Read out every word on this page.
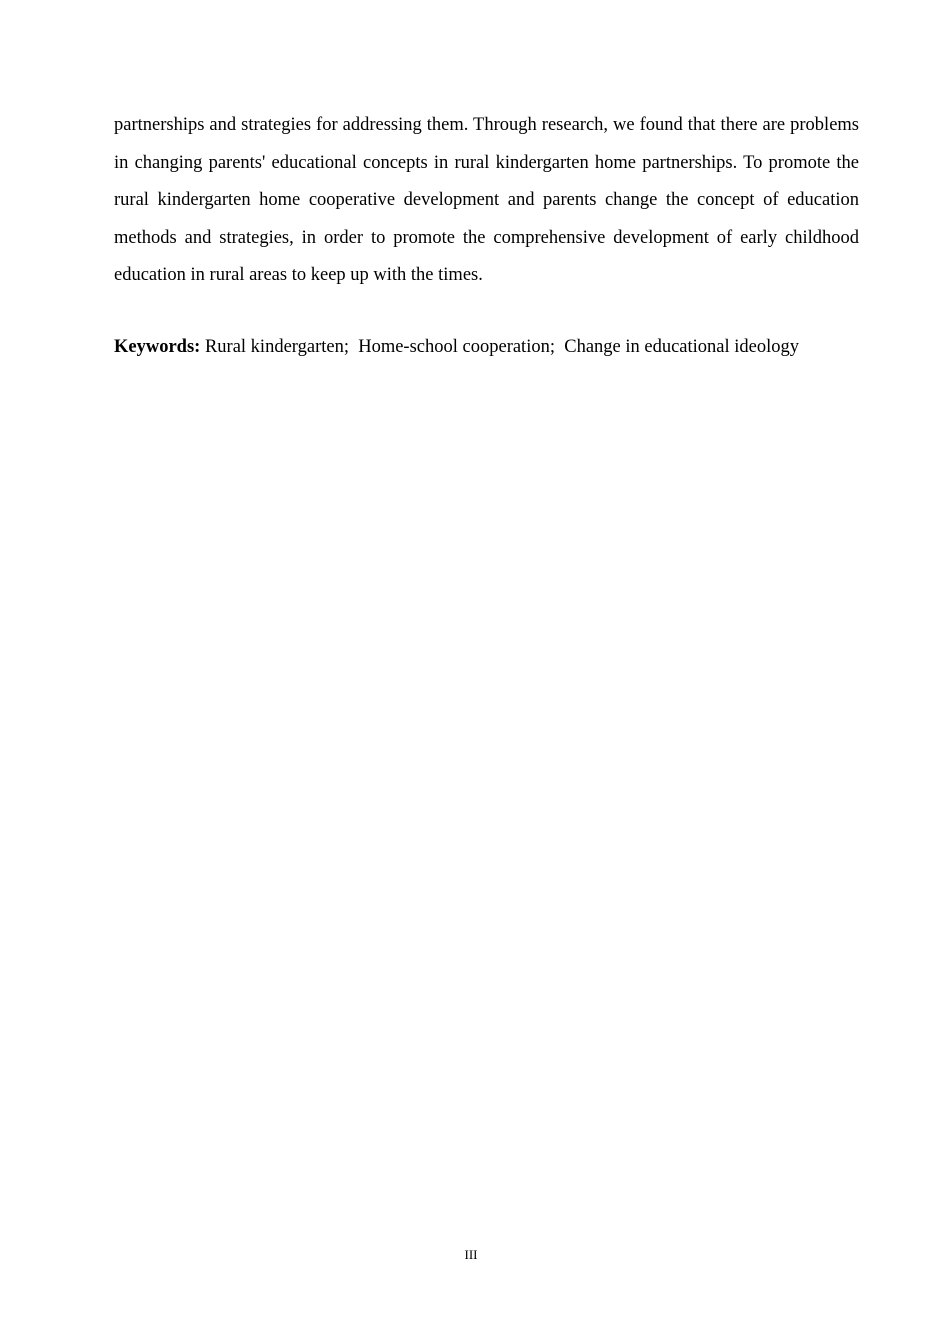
partnerships and strategies for addressing them. Through research, we found that there are problems in changing parents' educational concepts in rural kindergarten home partnerships. To promote the rural kindergarten home cooperative development and parents change the concept of education methods and strategies, in order to promote the comprehensive development of early childhood education in rural areas to keep up with the times.

Keywords: Rural kindergarten;  Home-school cooperation;  Change in educational ideology

III
